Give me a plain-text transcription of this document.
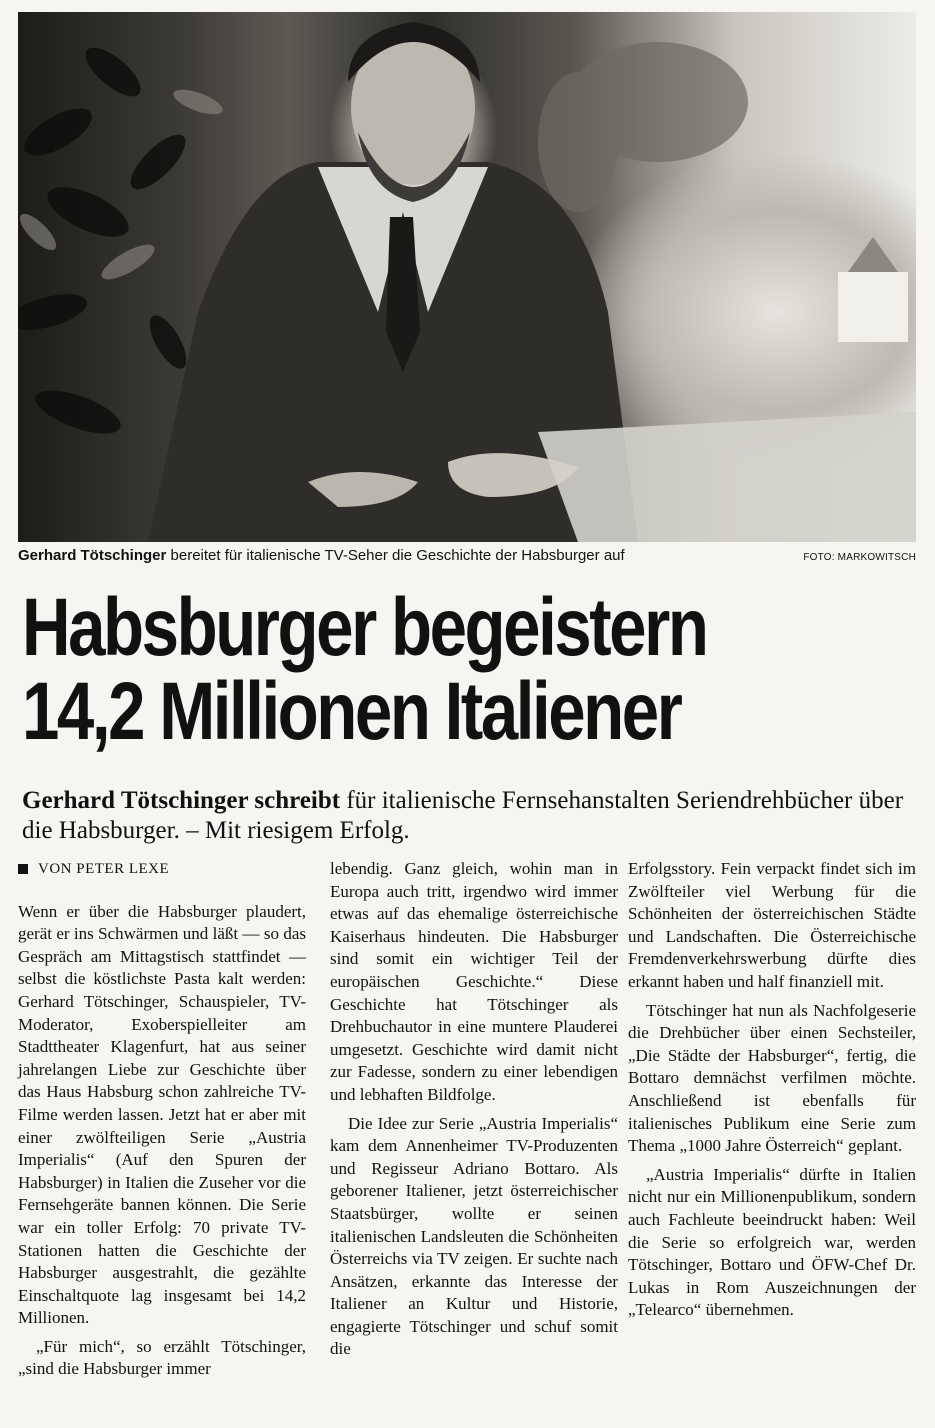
Gerhard Tötschinger bereitet für italienische TV-Seher die Geschichte der Habsburger auf	FOTO: MARKOWITSCH
Habsburger begeistern
14,2 Millionen Italiener
Gerhard Tötschinger schreibt für italienische Fernsehanstalten Seriendrehbücher über die Habsburger. – Mit riesigem Erfolg.
VON PETER LEXE

Wenn er über die Habsburger plaudert, gerät er ins Schwärmen und läßt — so das Gespräch am Mittagstisch stattfindet — selbst die köstlichste Pasta kalt werden: Gerhard Tötschinger, Schauspieler, TV-Moderator, Exoberspielleiter am Stadttheater Klagenfurt, hat aus seiner jahrelangen Liebe zur Geschichte über das Haus Habsburg schon zahlreiche TV-Filme werden lassen. Jetzt hat er aber mit einer zwölfteiligen Serie „Austria Imperialis“ (Auf den Spuren der Habsburger) in Italien die Zuseher vor die Fernsehgeräte bannen können. Die Serie war ein toller Erfolg: 70 private TV-Stationen hatten die Geschichte der Habsburger ausgestrahlt, die gezählte Einschaltquote lag insgesamt bei 14,2 Millionen.

„Für mich“, so erzählt Tötschinger, „sind die Habsburger immer

lebendig. Ganz gleich, wohin man in Europa auch tritt, irgendwo wird immer etwas auf das ehemalige österreichische Kaiserhaus hindeuten. Die Habsburger sind somit ein wichtiger Teil der europäischen Geschichte.“ Diese Geschichte hat Tötschinger als Drehbuchautor in eine muntere Plauderei umgesetzt. Geschichte wird damit nicht zur Fadesse, sondern zu einer lebendigen und lebhaften Bildfolge.

Die Idee zur Serie „Austria Imperialis“ kam dem Annenheimer TV-Produzenten und Regisseur Adriano Bottaro. Als geborener Italiener, jetzt österreichischer Staatsbürger, wollte er seinen italienischen Landsleuten die Schönheiten Österreichs via TV zeigen. Er suchte nach Ansätzen, erkannte das Interesse der Italiener an Kultur und Historie, engagierte Tötschinger und schuf somit die

Erfolgsstory. Fein verpackt findet sich im Zwölfteiler viel Werbung für die Schönheiten der österreichischen Städte und Landschaften. Die Österreichische Fremdenverkehrswerbung dürfte dies erkannt haben und half finanziell mit.

Tötschinger hat nun als Nachfolgeserie die Drehbücher über einen Sechsteiler, „Die Städte der Habsburger“, fertig, die Bottaro demnächst verfilmen möchte. Anschließend ist ebenfalls für italienisches Publikum eine Serie zum Thema „1000 Jahre Österreich“ geplant.

„Austria Imperialis“ dürfte in Italien nicht nur ein Millionenpublikum, sondern auch Fachleute beeindruckt haben: Weil die Serie so erfolgreich war, werden Tötschinger, Bottaro und ÖFW-Chef Dr. Lukas in Rom Auszeichnungen der „Telearco“ übernehmen.
